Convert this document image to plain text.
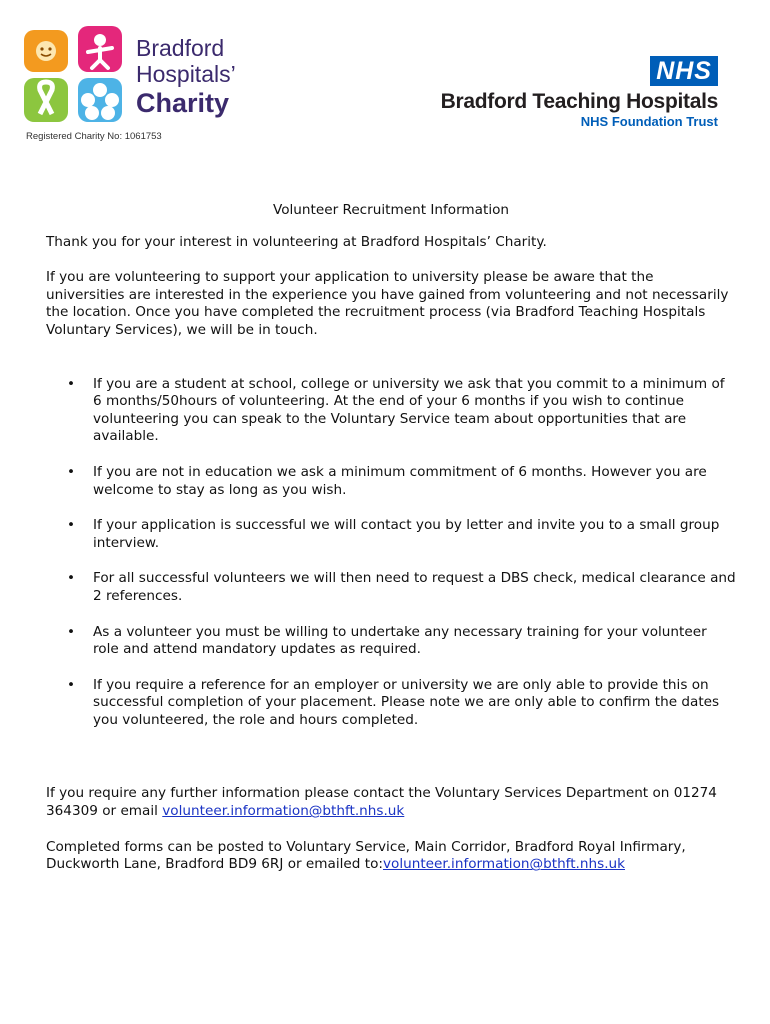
Bradford
Hospitals’
Charity
Registered Charity No: 1061753
NHS
Bradford Teaching Hospitals
NHS Foundation Trust
Volunteer Recruitment Information

Thank you for your interest in volunteering at Bradford Hospitals’ Charity.

If you are volunteering to support your application to university please be aware that the universities are interested in the experience you have gained from volunteering and not necessarily the location. Once you have completed the recruitment process (via Bradford Teaching Hospitals Voluntary Services), we will be in touch.

• If you are a student at school, college or university we ask that you commit to a minimum of 6 months/50hours of volunteering. At the end of your 6 months if you wish to continue volunteering you can speak to the Voluntary Service team about opportunities that are available.
• If you are not in education we ask a minimum commitment of 6 months. However you are welcome to stay as long as you wish.
• If your application is successful we will contact you by letter and invite you to a small group interview.
• For all successful volunteers we will then need to request a DBS check, medical clearance and 2 references.
• As a volunteer you must be willing to undertake any necessary training for your volunteer role and attend mandatory updates as required.
• If you require a reference for an employer or university we are only able to provide this on successful completion of your placement. Please note we are only able to confirm the dates you volunteered, the role and hours completed.

If you require any further information please contact the Voluntary Services Department on 01274 364309 or email volunteer.information@bthft.nhs.uk

Completed forms can be posted to Voluntary Service, Main Corridor, Bradford Royal Infirmary, Duckworth Lane, Bradford BD9 6RJ or emailed to:volunteer.information@bthft.nhs.uk
